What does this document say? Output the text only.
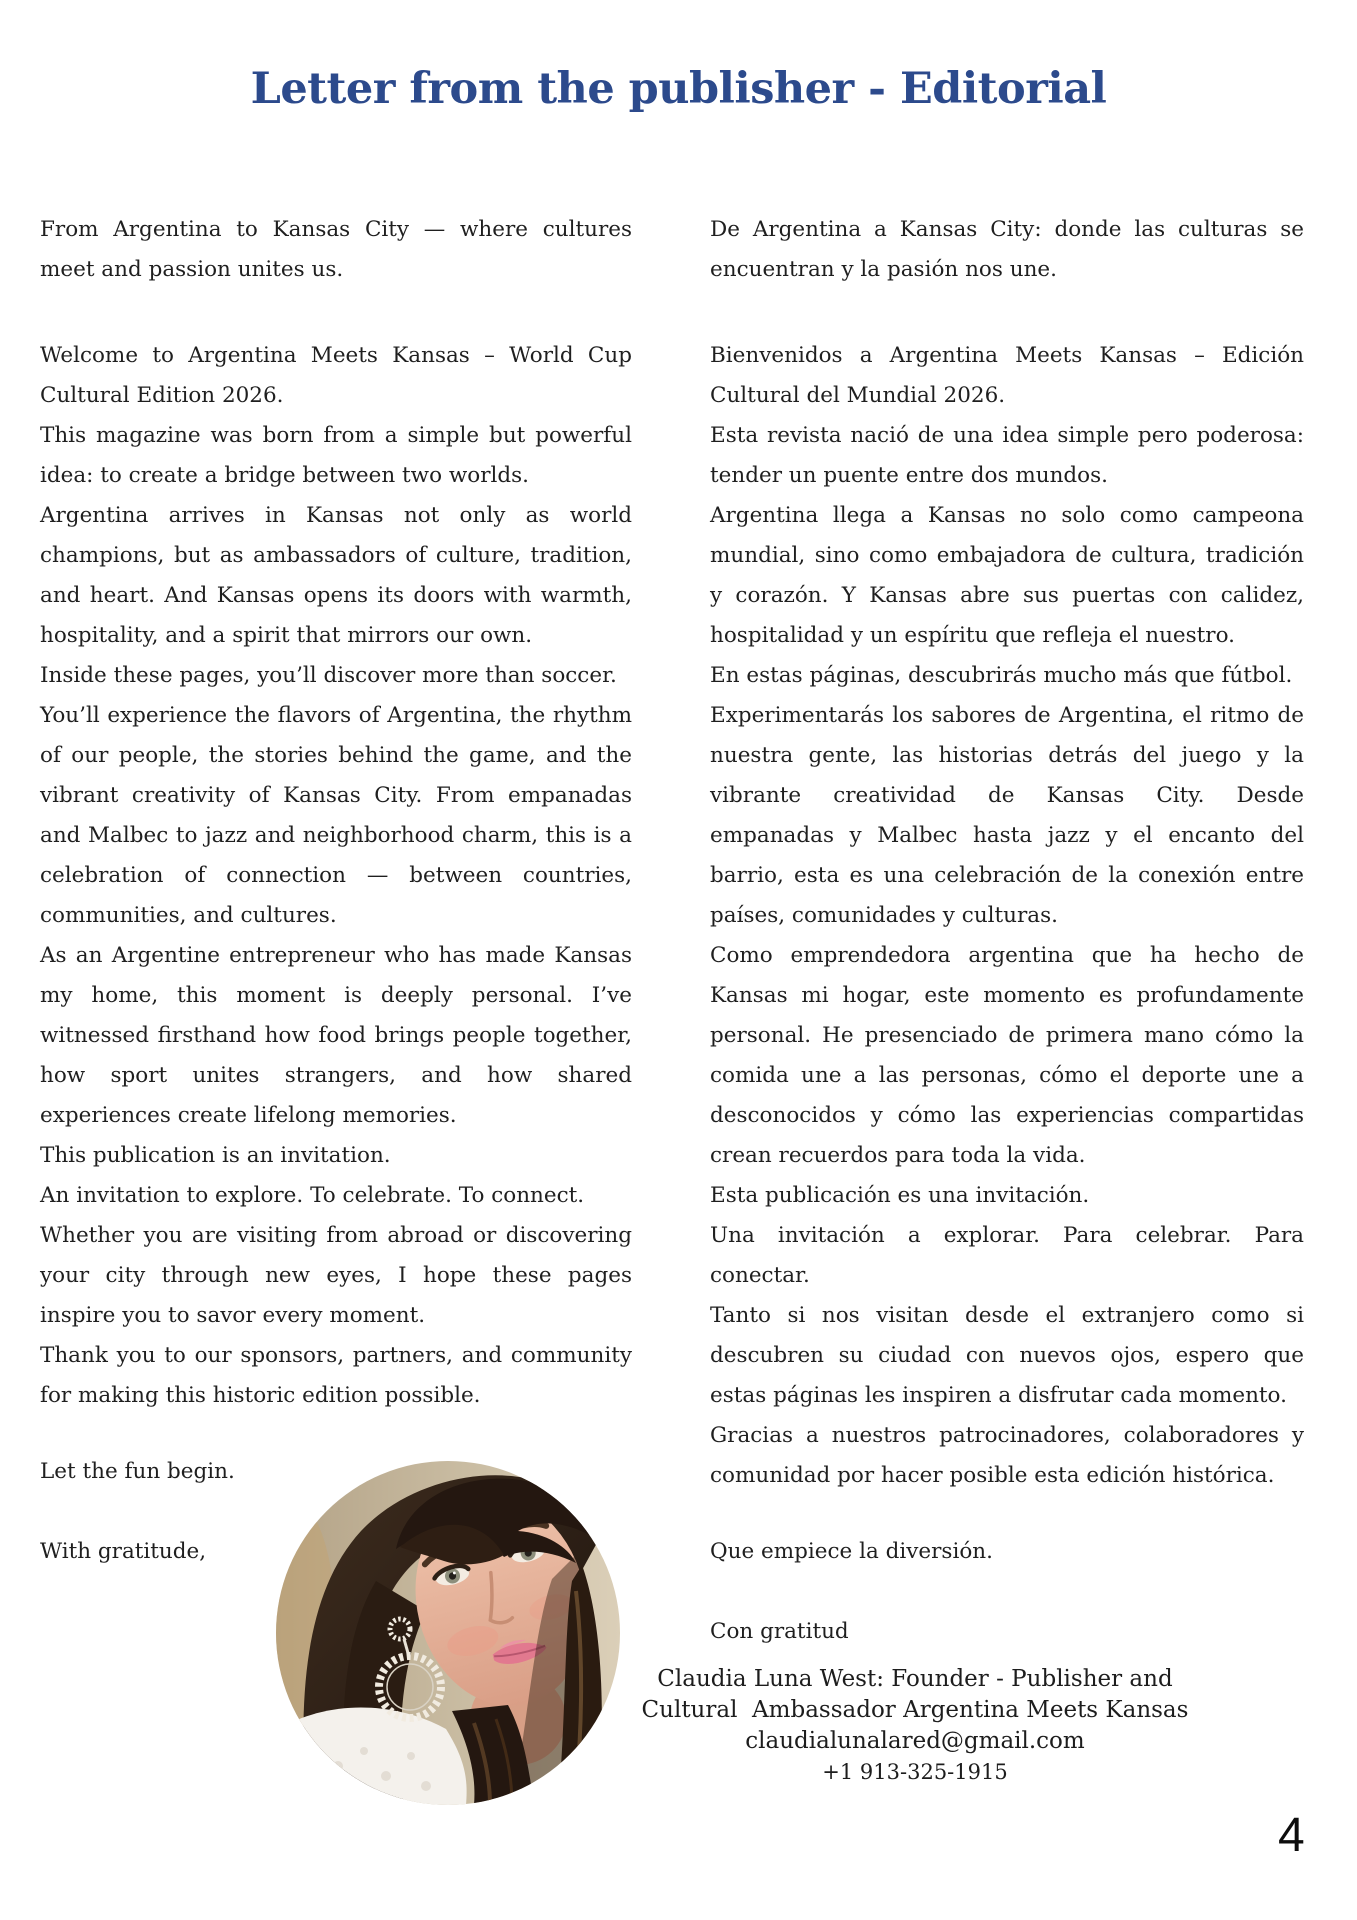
Letter from the publisher - Editorial

From Argentina to Kansas City — where cultures meet and passion unites us.

Welcome to Argentina Meets Kansas – World Cup Cultural Edition 2026.

This magazine was born from a simple but powerful idea: to create a bridge between two worlds.

Argentina arrives in Kansas not only as world champions, but as ambassadors of culture, tradition, and heart. And Kansas opens its doors with warmth, hospitality, and a spirit that mirrors our own.

Inside these pages, you’ll discover more than soccer.

You’ll experience the flavors of Argentina, the rhythm of our people, the stories behind the game, and the vibrant creativity of Kansas City. From empanadas and Malbec to jazz and neighborhood charm, this is a celebration of connection — between countries, communities, and cultures.

As an Argentine entrepreneur who has made Kansas my home, this moment is deeply personal. I’ve witnessed firsthand how food brings people together, how sport unites strangers, and how shared experiences create lifelong memories.

This publication is an invitation.

An invitation to explore. To celebrate. To connect.

Whether you are visiting from abroad or discovering your city through new eyes, I hope these pages inspire you to savor every moment.

Thank you to our sponsors, partners, and community for making this historic edition possible.

Let the fun begin.

With gratitude,

De Argentina a Kansas City: donde las culturas se encuentran y la pasión nos une.

Bienvenidos a Argentina Meets Kansas – Edición Cultural del Mundial 2026.

Esta revista nació de una idea simple pero poderosa: tender un puente entre dos mundos.

Argentina llega a Kansas no solo como campeona mundial, sino como embajadora de cultura, tradición y corazón. Y Kansas abre sus puertas con calidez, hospitalidad y un espíritu que refleja el nuestro.

En estas páginas, descubrirás mucho más que fútbol.

Experimentarás los sabores de Argentina, el ritmo de nuestra gente, las historias detrás del juego y la vibrante creatividad de Kansas City. Desde empanadas y Malbec hasta jazz y el encanto del barrio, esta es una celebración de la conexión entre países, comunidades y culturas.

Como emprendedora argentina que ha hecho de Kansas mi hogar, este momento es profundamente personal. He presenciado de primera mano cómo la comida une a las personas, cómo el deporte une a desconocidos y cómo las experiencias compartidas crean recuerdos para toda la vida.

Esta publicación es una invitación.

Una invitación a explorar. Para celebrar. Para conectar.

Tanto si nos visitan desde el extranjero como si descubren su ciudad con nuevos ojos, espero que estas páginas les inspiren a disfrutar cada momento.

Gracias a nuestros patrocinadores, colaboradores y comunidad por hacer posible esta edición histórica.

Que empiece la diversión.

Con gratitud

Claudia Luna West: Founder - Publisher and
Cultural  Ambassador Argentina Meets Kansas
claudialunalared@gmail.com
+1 913-325-1915
4
